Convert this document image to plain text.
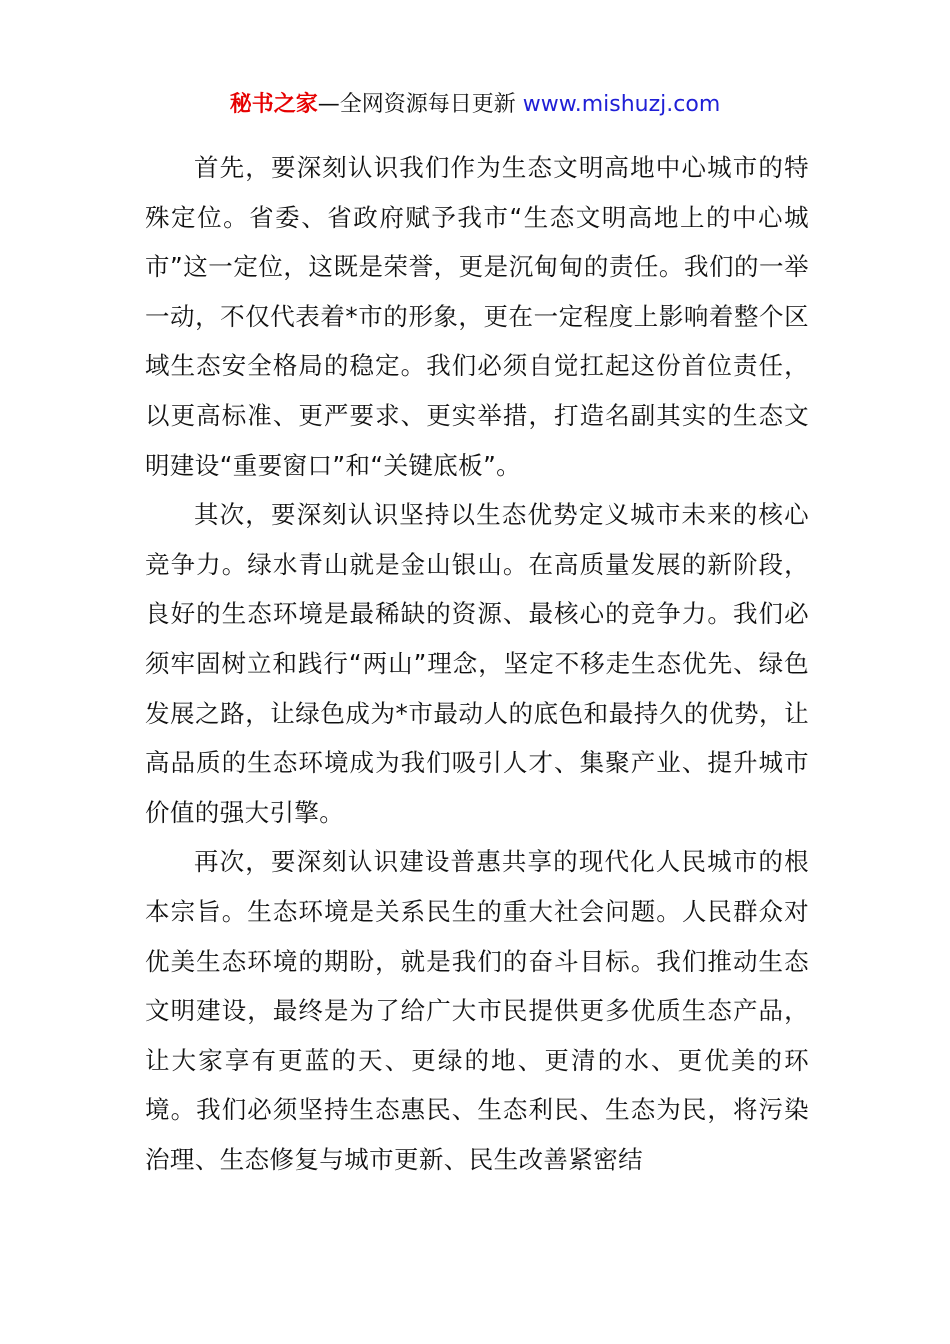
秘书之家—全网资源每日更新 www.mishuzj.com

首先，要深刻认识我们作为生态文明高地中心城市的特殊定位。省委、省政府赋予我市“生态文明高地上的中心城市”这一定位，这既是荣誉，更是沉甸甸的责任。我们的一举一动，不仅代表着*市的形象，更在一定程度上影响着整个区域生态安全格局的稳定。我们必须自觉扛起这份首位责任，以更高标准、更严要求、更实举措，打造名副其实的生态文明建设“重要窗口”和“关键底板”。

其次，要深刻认识坚持以生态优势定义城市未来的核心竞争力。绿水青山就是金山银山。在高质量发展的新阶段，良好的生态环境是最稀缺的资源、最核心的竞争力。我们必须牢固树立和践行“两山”理念，坚定不移走生态优先、绿色发展之路，让绿色成为*市最动人的底色和最持久的优势，让高品质的生态环境成为我们吸引人才、集聚产业、提升城市价值的强大引擎。

再次，要深刻认识建设普惠共享的现代化人民城市的根本宗旨。生态环境是关系民生的重大社会问题。人民群众对优美生态环境的期盼，就是我们的奋斗目标。我们推动生态文明建设，最终是为了给广大市民提供更多优质生态产品，让大家享有更蓝的天、更绿的地、更清的水、更优美的环境。我们必须坚持生态惠民、生态利民、生态为民，将污染治理、生态修复与城市更新、民生改善紧密结
